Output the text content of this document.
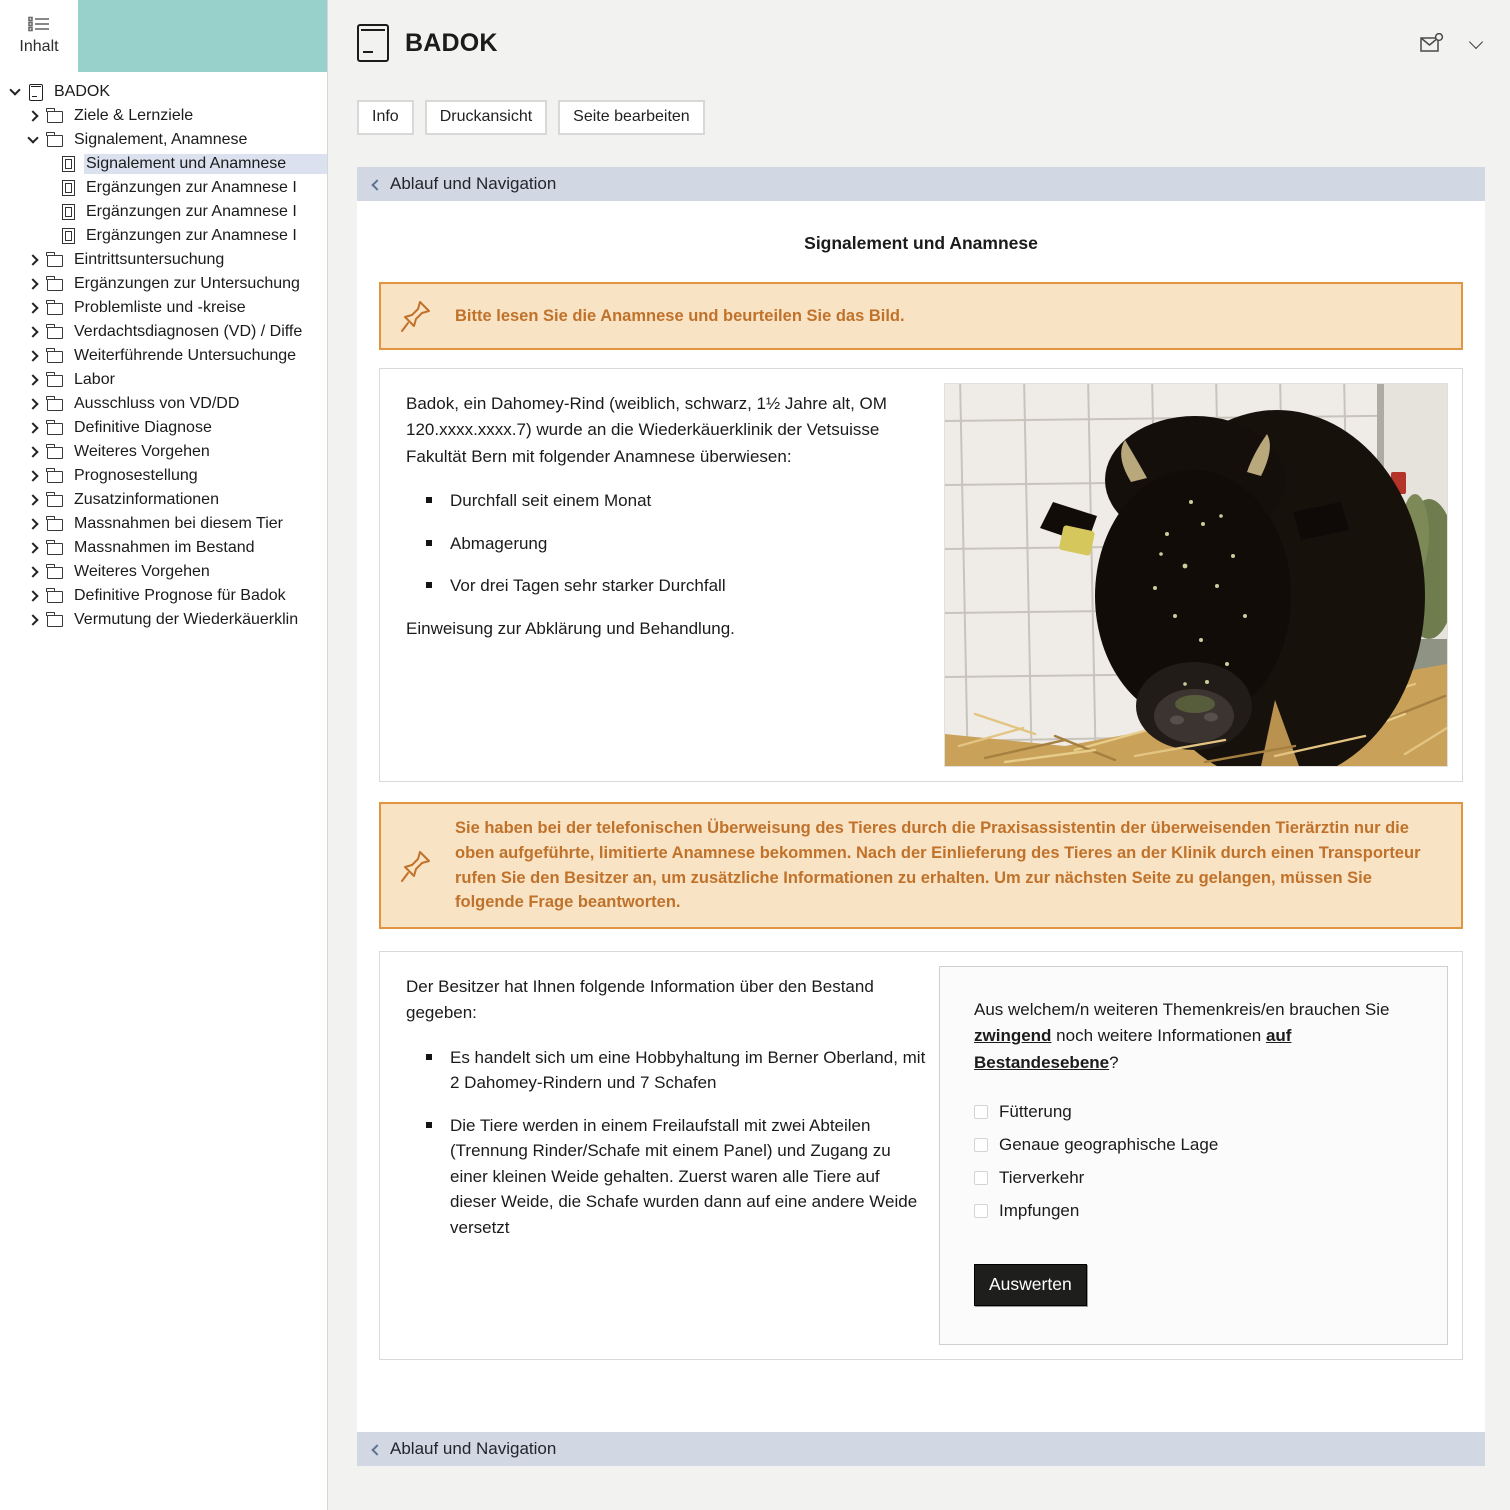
Inhalt
BADOK
Ziele & Lernziele
Signalement, Anamnese
Signalement und Anamnese
Ergänzungen zur Anamnese I
Ergänzungen zur Anamnese I
Ergänzungen zur Anamnese I
Eintrittsuntersuchung
Ergänzungen zur Untersuchung
Problemliste und -kreise
Verdachtsdiagnosen (VD) / Diffe
Weiterführende Untersuchunge
Labor
Ausschluss von VD/DD
Definitive Diagnose
Weiteres Vorgehen
Prognosestellung
Zusatzinformationen
Massnahmen bei diesem Tier
Massnahmen im Bestand
Weiteres Vorgehen
Definitive Prognose für Badok
Vermutung der Wiederkäuerklin
BADOK
Info	Druckansicht	Seite bearbeiten
Ablauf und Navigation
Signalement und Anamnese
Bitte lesen Sie die Anamnese und beurteilen Sie das Bild.

Badok, ein Dahomey-Rind (weiblich, schwarz, 1½ Jahre alt, OM 120.xxxx.xxxx.7) wurde an die Wiederkäuerklinik der Vetsuisse Fakultät Bern mit folgender Anamnese überwiesen:

Durchfall seit einem Monat
Abmagerung
Vor drei Tagen sehr starker Durchfall

Einweisung zur Abklärung und Behandlung.

Sie haben bei der telefonischen Überweisung des Tieres durch die Praxisassistentin der überweisenden Tierärztin nur die oben aufgeführte, limitierte Anamnese bekommen. Nach der Einlieferung des Tieres an der Klinik durch einen Transporteur rufen Sie den Besitzer an, um zusätzliche Informationen zu erhalten. Um zur nächsten Seite zu gelangen, müssen Sie folgende Frage beantworten.

Der Besitzer hat Ihnen folgende Information über den Bestand gegeben:

Es handelt sich um eine Hobbyhaltung im Berner Oberland, mit 2 Dahomey-Rindern und 7 Schafen
Die Tiere werden in einem Freilaufstall mit zwei Abteilen (Trennung Rinder/Schafe mit einem Panel) und Zugang zu einer kleinen Weide gehalten. Zuerst waren alle Tiere auf dieser Weide, die Schafe wurden dann auf eine andere Weide versetzt
Aus welchem/n weiteren Themenkreis/en brauchen Sie zwingend noch weitere Informationen auf Bestandesebene?
Fütterung
Genaue geographische Lage
Tierverkehr
Impfungen
Auswerten
Ablauf und Navigation
